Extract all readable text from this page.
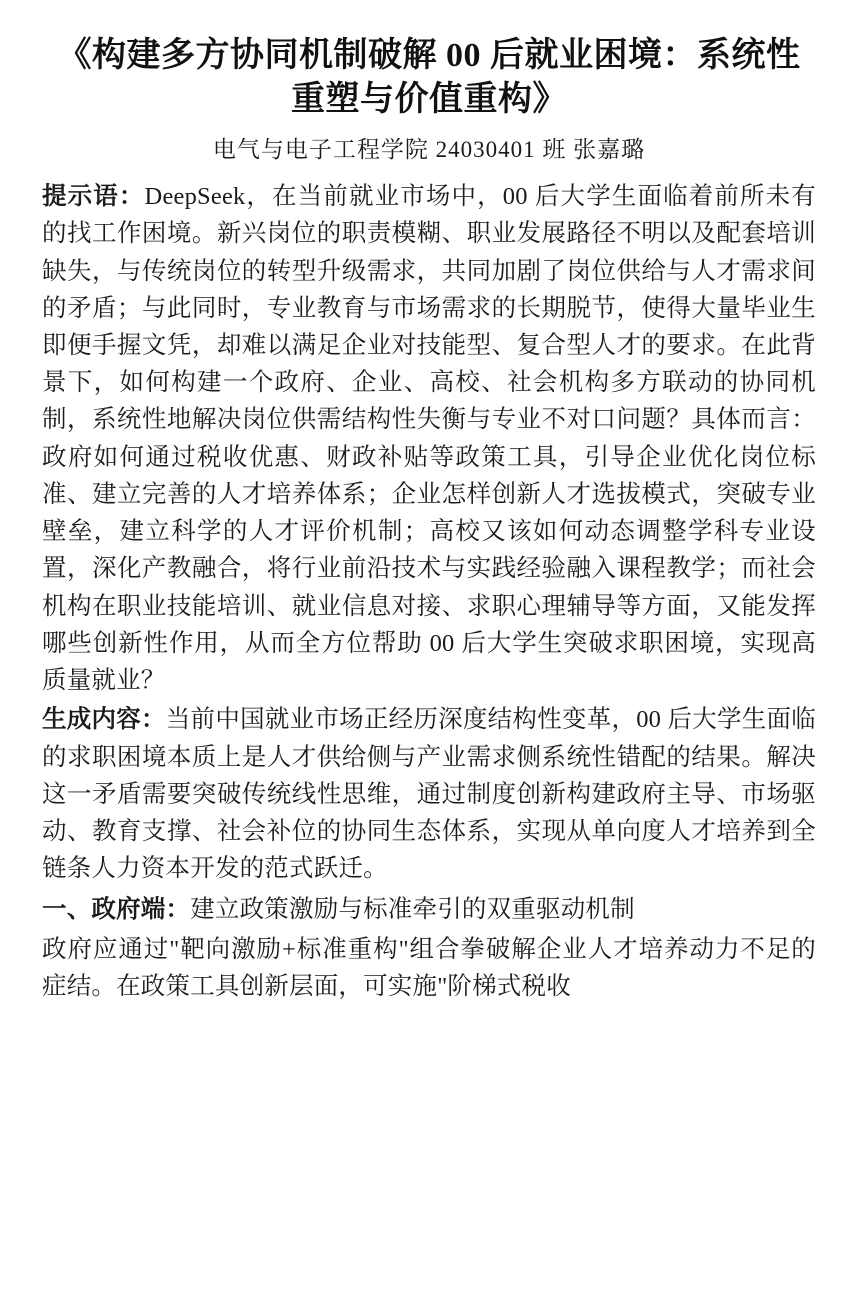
《构建多方协同机制破解 00 后就业困境：系统性重塑与价值重构》
电气与电子工程学院 24030401 班 张嘉璐

提示语：DeepSeek，在当前就业市场中，00 后大学生面临着前所未有的找工作困境。新兴岗位的职责模糊、职业发展路径不明以及配套培训缺失，与传统岗位的转型升级需求，共同加剧了岗位供给与人才需求间的矛盾；与此同时，专业教育与市场需求的长期脱节，使得大量毕业生即便手握文凭，却难以满足企业对技能型、复合型人才的要求。在此背景下，如何构建一个政府、企业、高校、社会机构多方联动的协同机制，系统性地解决岗位供需结构性失衡与专业不对口问题？具体而言：政府如何通过税收优惠、财政补贴等政策工具，引导企业优化岗位标准、建立完善的人才培养体系；企业怎样创新人才选拔模式，突破专业壁垒，建立科学的人才评价机制；高校又该如何动态调整学科专业设置，深化产教融合，将行业前沿技术与实践经验融入课程教学；而社会机构在职业技能培训、就业信息对接、求职心理辅导等方面，又能发挥哪些创新性作用，从而全方位帮助 00 后大学生突破求职困境，实现高质量就业？

生成内容：当前中国就业市场正经历深度结构性变革，00 后大学生面临的求职困境本质上是人才供给侧与产业需求侧系统性错配的结果。解决这一矛盾需要突破传统线性思维，通过制度创新构建政府主导、市场驱动、教育支撑、社会补位的协同生态体系，实现从单向度人才培养到全链条人力资本开发的范式跃迁。

一、政府端：建立政策激励与标准牵引的双重驱动机制

政府应通过"靶向激励+标准重构"组合拳破解企业人才培养动力不足的症结。在政策工具创新层面，可实施"阶梯式税收
